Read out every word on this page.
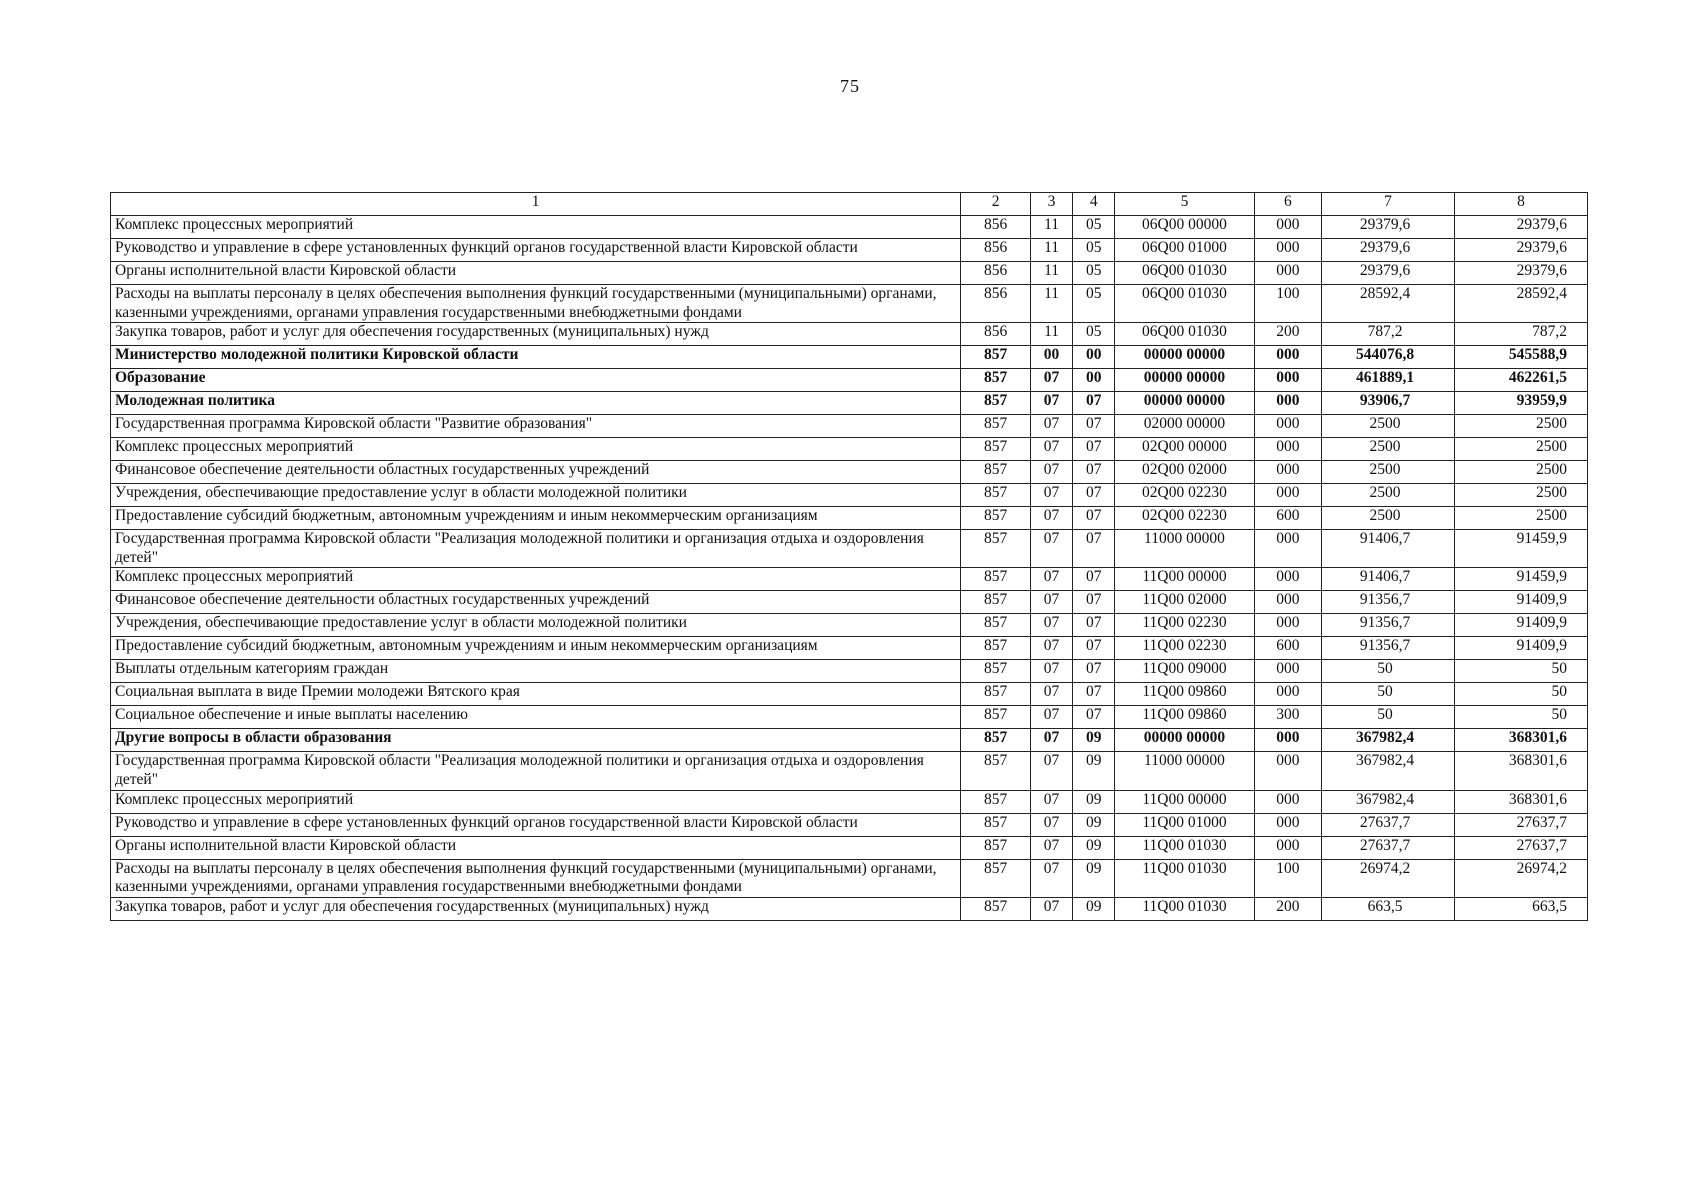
75
1	2	3	4	5	6	7	8
Комплекс процессных мероприятий	856	11	05	06Q00 00000	000	29379,6	29379,6
Руководство и управление в сфере установленных функций органов государственной власти Кировской области	856	11	05	06Q00 01000	000	29379,6	29379,6
Органы исполнительной власти Кировской области	856	11	05	06Q00 01030	000	29379,6	29379,6
Расходы на выплаты персоналу в целях обеспечения выполнения функций государственными (муниципальными) органами, казенными учреждениями, органами управления государственными внебюджетными фондами	856	11	05	06Q00 01030	100	28592,4	28592,4
Закупка товаров, работ и услуг для обеспечения государственных (муниципальных) нужд	856	11	05	06Q00 01030	200	787,2	787,2
Министерство молодежной политики Кировской области	857	00	00	00000 00000	000	544076,8	545588,9
Образование	857	07	00	00000 00000	000	461889,1	462261,5
Молодежная политика	857	07	07	00000 00000	000	93906,7	93959,9
Государственная программа Кировской области "Развитие образования"	857	07	07	02000 00000	000	2500	2500
Комплекс процессных мероприятий	857	07	07	02Q00 00000	000	2500	2500
Финансовое обеспечение деятельности областных государственных учреждений	857	07	07	02Q00 02000	000	2500	2500
Учреждения, обеспечивающие предоставление услуг в области молодежной политики	857	07	07	02Q00 02230	000	2500	2500
Предоставление субсидий бюджетным, автономным учреждениям и иным некоммерческим организациям	857	07	07	02Q00 02230	600	2500	2500
Государственная программа Кировской области "Реализация молодежной политики и организация отдыха и оздоровления детей"	857	07	07	11000 00000	000	91406,7	91459,9
Комплекс процессных мероприятий	857	07	07	11Q00 00000	000	91406,7	91459,9
Финансовое обеспечение деятельности областных государственных учреждений	857	07	07	11Q00 02000	000	91356,7	91409,9
Учреждения, обеспечивающие предоставление услуг в области молодежной политики	857	07	07	11Q00 02230	000	91356,7	91409,9
Предоставление субсидий бюджетным, автономным учреждениям и иным некоммерческим организациям	857	07	07	11Q00 02230	600	91356,7	91409,9
Выплаты отдельным категориям граждан	857	07	07	11Q00 09000	000	50	50
Социальная выплата в виде Премии молодежи Вятского края	857	07	07	11Q00 09860	000	50	50
Социальное обеспечение и иные выплаты населению	857	07	07	11Q00 09860	300	50	50
Другие вопросы в области образования	857	07	09	00000 00000	000	367982,4	368301,6
Государственная программа Кировской области "Реализация молодежной политики и организация отдыха и оздоровления детей"	857	07	09	11000 00000	000	367982,4	368301,6
Комплекс процессных мероприятий	857	07	09	11Q00 00000	000	367982,4	368301,6
Руководство и управление в сфере установленных функций органов государственной власти Кировской области	857	07	09	11Q00 01000	000	27637,7	27637,7
Органы исполнительной власти Кировской области	857	07	09	11Q00 01030	000	27637,7	27637,7
Расходы на выплаты персоналу в целях обеспечения выполнения функций государственными (муниципальными) органами, казенными учреждениями, органами управления государственными внебюджетными фондами	857	07	09	11Q00 01030	100	26974,2	26974,2
Закупка товаров, работ и услуг для обеспечения государственных (муниципальных) нужд	857	07	09	11Q00 01030	200	663,5	663,5
